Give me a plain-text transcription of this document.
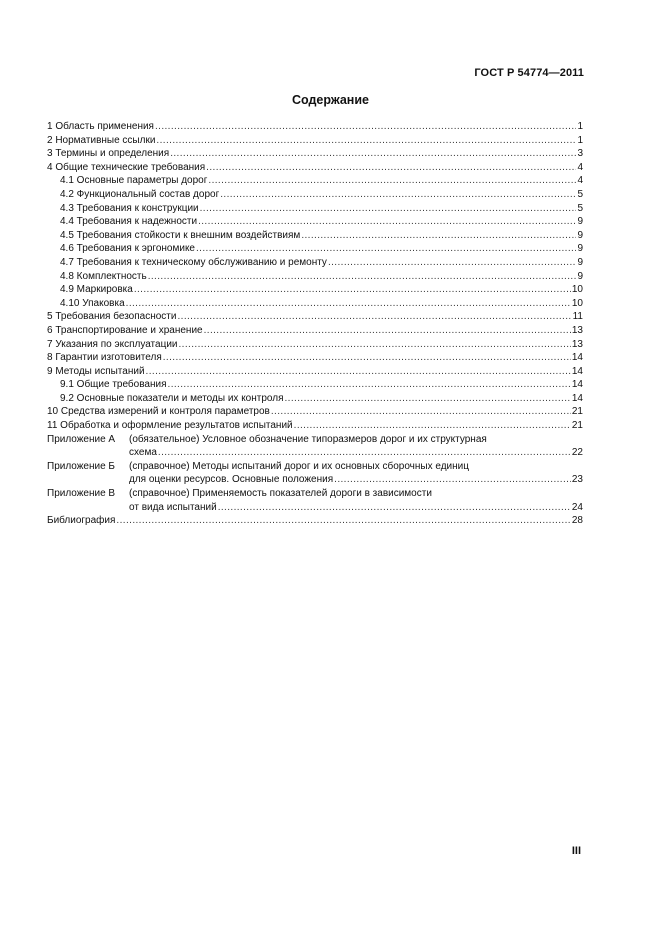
ГОСТ Р 54774—2011
Содержание
1 Область применения .....	1
2 Нормативные ссылки .....	1
3 Термины и определения .....	3
4 Общие технические требования .....	4
4.1 Основные параметры дорог .....	4
4.2 Функциональный состав дорог .....	5
4.3 Требования к конструкции .....	5
4.4 Требования к надежности .....	9
4.5 Требования стойкости к внешним воздействиям .....	9
4.6 Требования к эргономике .....	9
4.7 Требования к техническому обслуживанию и ремонту .....	9
4.8 Комплектность .....	9
4.9 Маркировка .....	10
4.10 Упаковка .....	10
5 Требования безопасности .....	11
6 Транспортирование и хранение .....	13
7 Указания по эксплуатации .....	13
8 Гарантии изготовителя .....	14
9 Методы испытаний .....	14
9.1 Общие требования .....	14
9.2 Основные показатели и методы их контроля .....	14
10 Средства измерений и контроля параметров .....	21
11 Обработка и оформление результатов испытаний .....	21
Приложение А	(обязательное) Условное обозначение типоразмеров дорог и их структурная
схема .....	22
Приложение Б	(справочное) Методы испытаний дорог и их основных сборочных единиц
для оценки ресурсов. Основные положения .....	23
Приложение В	(справочное) Применяемость показателей дороги в зависимости
от вида испытаний .....	24
Библиография .....	28
III
